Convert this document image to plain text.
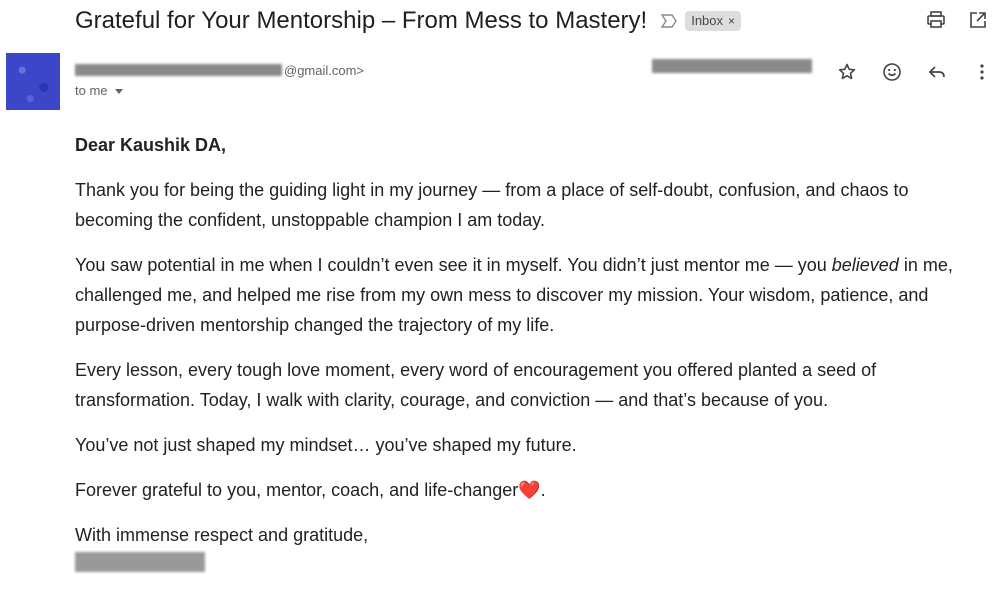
Grateful for Your Mentorship – From Mess to Mastery!	Inbox ×
@gmail.com>
to me
Dear Kaushik DA,

Thank you for being the guiding light in my journey — from a place of self-doubt, confusion, and chaos to becoming the confident, unstoppable champion I am today.

You saw potential in me when I couldn’t even see it in myself. You didn’t just mentor me — you believed in me, challenged me, and helped me rise from my own mess to discover my mission. Your wisdom, patience, and purpose-driven mentorship changed the trajectory of my life.

Every lesson, every tough love moment, every word of encouragement you offered planted a seed of transformation. Today, I walk with clarity, courage, and conviction — and that’s because of you.

You’ve not just shaped my mindset… you’ve shaped my future.

Forever grateful to you, mentor, coach, and life-changer❤️.

With immense respect and gratitude,
